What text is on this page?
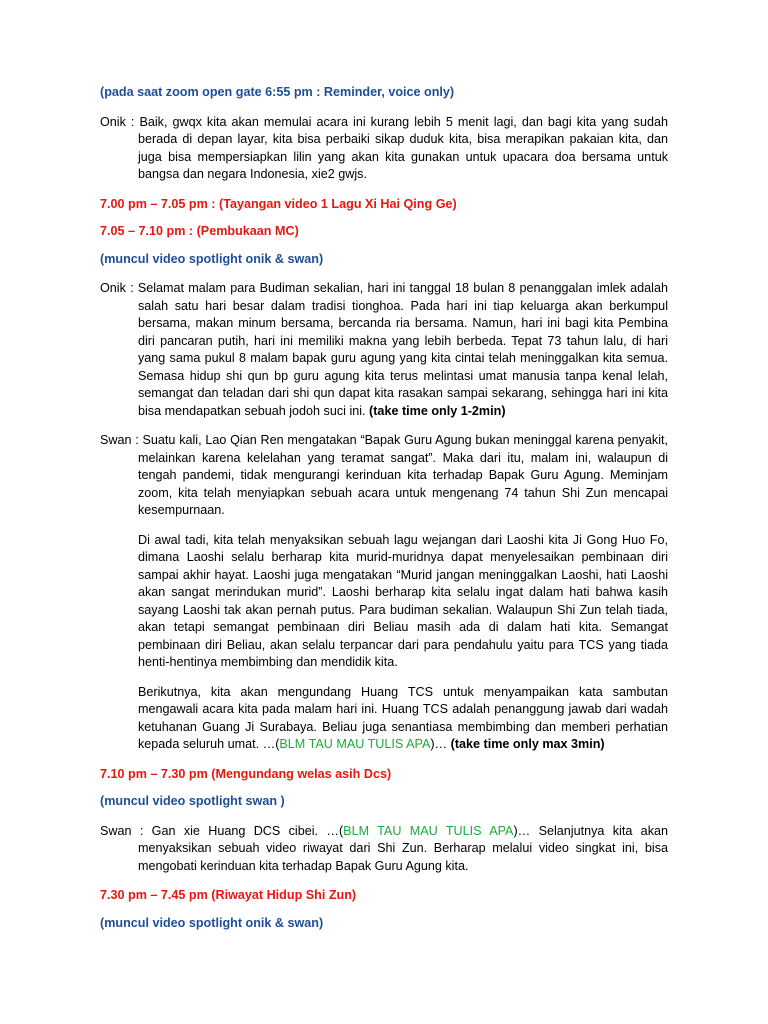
(pada saat zoom open gate 6:55 pm : Reminder, voice only)
Onik : Baik, gwqx kita akan memulai acara ini kurang lebih 5 menit lagi, dan bagi kita yang sudah berada di depan layar, kita bisa perbaiki sikap duduk kita, bisa merapikan pakaian kita, dan juga bisa mempersiapkan lilin yang akan kita gunakan untuk upacara doa bersama untuk bangsa dan negara Indonesia, xie2 gwjs.
7.00 pm – 7.05 pm : (Tayangan video 1 Lagu Xi Hai Qing Ge)
7.05 – 7.10 pm : (Pembukaan MC)
(muncul video spotlight onik & swan)
Onik : Selamat malam para Budiman sekalian, hari ini tanggal 18 bulan 8 penanggalan imlek adalah salah satu hari besar dalam tradisi tionghoa. Pada hari ini tiap keluarga akan berkumpul bersama, makan minum bersama, bercanda ria bersama. Namun, hari ini bagi kita Pembina diri pancaran putih, hari ini memiliki makna yang lebih berbeda. Tepat 73 tahun lalu, di hari yang sama pukul 8 malam bapak guru agung yang kita cintai telah meninggalkan kita semua. Semasa hidup shi qun bp guru agung kita terus melintasi umat manusia tanpa kenal lelah, semangat dan teladan dari shi qun dapat kita rasakan sampai sekarang, sehingga hari ini kita bisa mendapatkan sebuah jodoh suci ini. (take time only 1-2min)
Swan : Suatu kali, Lao Qian Ren mengatakan “Bapak Guru Agung bukan meninggal karena penyakit, melainkan karena kelelahan yang teramat sangat”. Maka dari itu, malam ini, walaupun di tengah pandemi, tidak mengurangi kerinduan kita terhadap Bapak Guru Agung. Meminjam zoom, kita telah menyiapkan sebuah acara untuk mengenang 74 tahun Shi Zun mencapai kesempurnaan.
Di awal tadi, kita telah menyaksikan sebuah lagu wejangan dari Laoshi kita Ji Gong Huo Fo, dimana Laoshi selalu berharap kita murid-muridnya dapat menyelesaikan pembinaan diri sampai akhir hayat. Laoshi juga mengatakan “Murid jangan meninggalkan Laoshi, hati Laoshi akan sangat merindukan murid”. Laoshi berharap kita selalu ingat dalam hati bahwa kasih sayang Laoshi tak akan pernah putus. Para budiman sekalian. Walaupun Shi Zun telah tiada, akan tetapi semangat pembinaan diri Beliau masih ada di dalam hati kita. Semangat pembinaan diri Beliau, akan selalu terpancar dari para pendahulu yaitu para TCS yang tiada henti-hentinya membimbing dan mendidik kita.
Berikutnya, kita akan mengundang Huang TCS untuk menyampaikan kata sambutan mengawali acara kita pada malam hari ini. Huang TCS adalah penanggung jawab dari wadah ketuhanan Guang Ji Surabaya. Beliau juga senantiasa membimbing dan memberi perhatian kepada seluruh umat. …(BLM TAU MAU TULIS APA)… (take time only max 3min)
7.10 pm – 7.30 pm (Mengundang welas asih Dcs)
(muncul video spotlight swan )
Swan : Gan xie Huang DCS cibei. …(BLM TAU MAU TULIS APA)… Selanjutnya kita akan menyaksikan sebuah video riwayat dari Shi Zun. Berharap melalui video singkat ini, bisa mengobati kerinduan kita terhadap Bapak Guru Agung kita.
7.30 pm – 7.45 pm (Riwayat Hidup Shi Zun)
(muncul video spotlight onik & swan)
